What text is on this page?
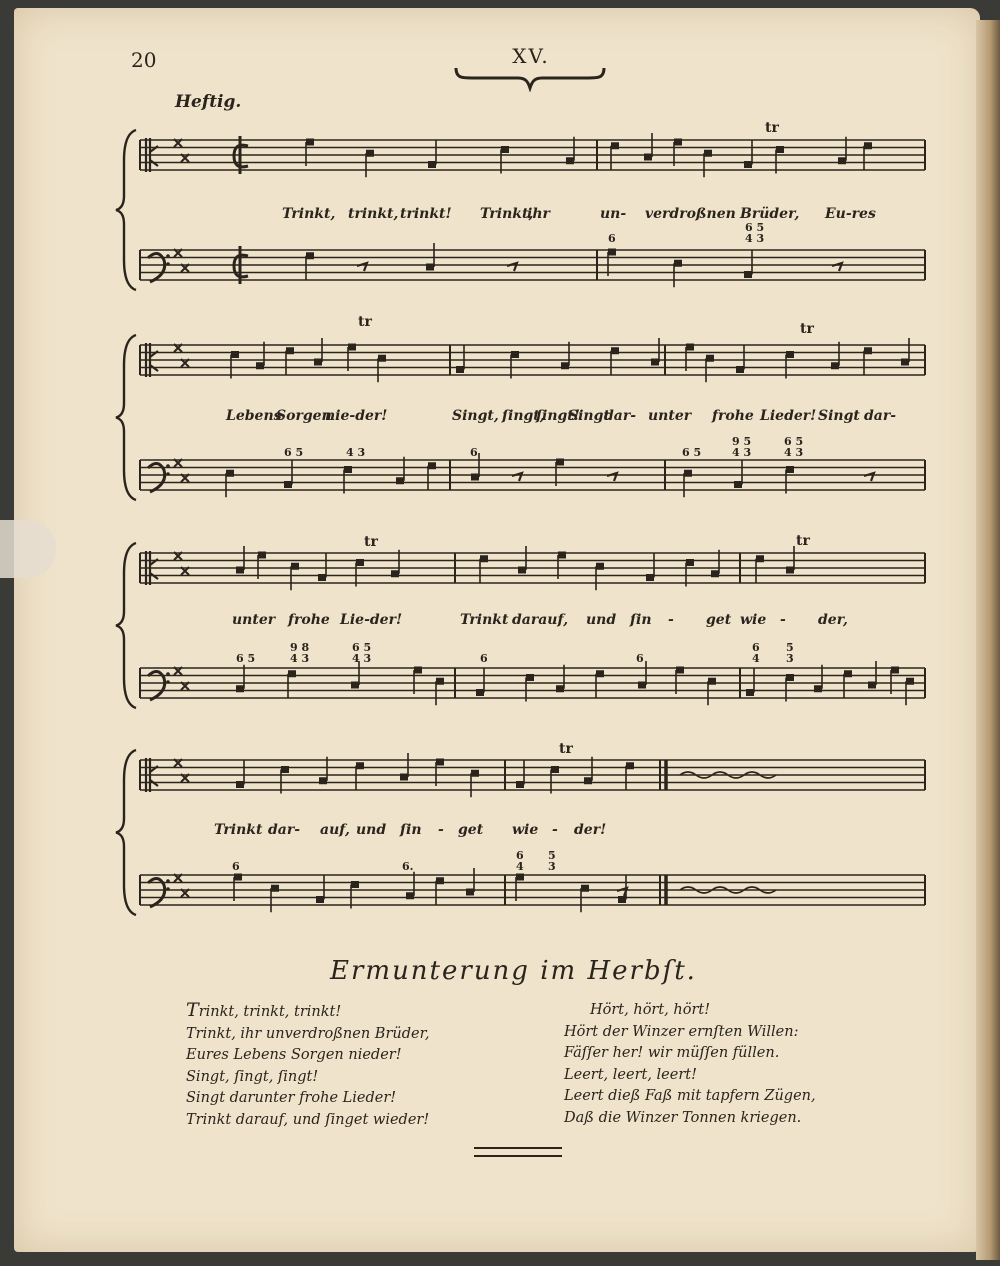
20	XV.
Heftig.
tr
tr	tr
tr	tr
tr
Trinkt, trinkt, trinkt! Trinkt,
ihr	un- verdroßnen Brüder, Eu-res
6
6 5
4 3
Lebens
Sorgen
nie-der!	Singt, ſingt,
ſingt!
Singt
dar- unter frohe Lieder! Singt dar-
6 5	4 3	6	6 5
9 5
4 3
6 5
4 3
unter frohe Lie-der!	Trinkt darauf, und ſin - get wie - der,
6 5
9 8
4 3
6 5
4 3	6	6
6
4
5
3
Trinkt dar- auf, und ſin - get wie - der!
6	6.
6
4
5
3
Ermunterung im Herbſt.
Trinkt, trinkt, trinkt!
Trinkt, ihr unverdroßnen Brüder,
Eures Lebens Sorgen nieder!
Singt, ſingt, ſingt!
Singt darunter frohe Lieder!
Trinkt darauf, und ſinget wieder!
Hört, hört, hört!
Hört der Winzer ernſten Willen:
Fäſſer her! wir müſſen füllen.
Leert, leert, leert!
Leert dieß Faß mit tapfern Zügen,
Daß die Winzer Tonnen kriegen.
